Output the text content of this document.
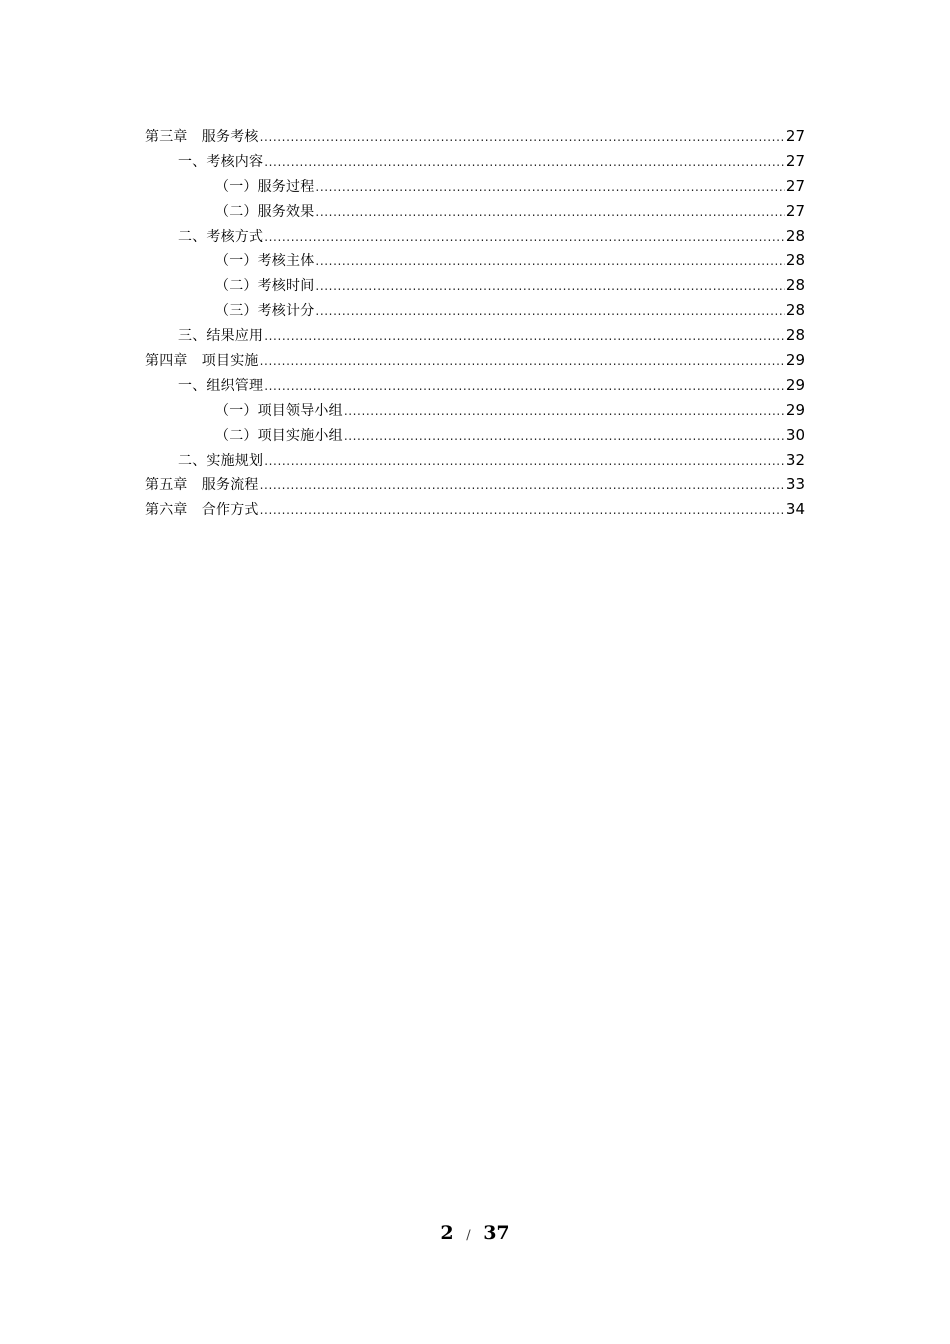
第三章　服务考核 .....	27
一、考核内容 .....	27
（一）服务过程 .....	27
（二）服务效果 .....	27
二、考核方式 .....	28
（一）考核主体 .....	28
（二）考核时间 .....	28
（三）考核计分 .....	28
三、结果应用 .....	28
第四章　项目实施 .....	29
一、组织管理 .....	29
（一）项目领导小组 .....	29
（二）项目实施小组 .....	30
二、实施规划 .....	32
第五章　服务流程 .....	33
第六章　合作方式 .....	34
2 / 37
